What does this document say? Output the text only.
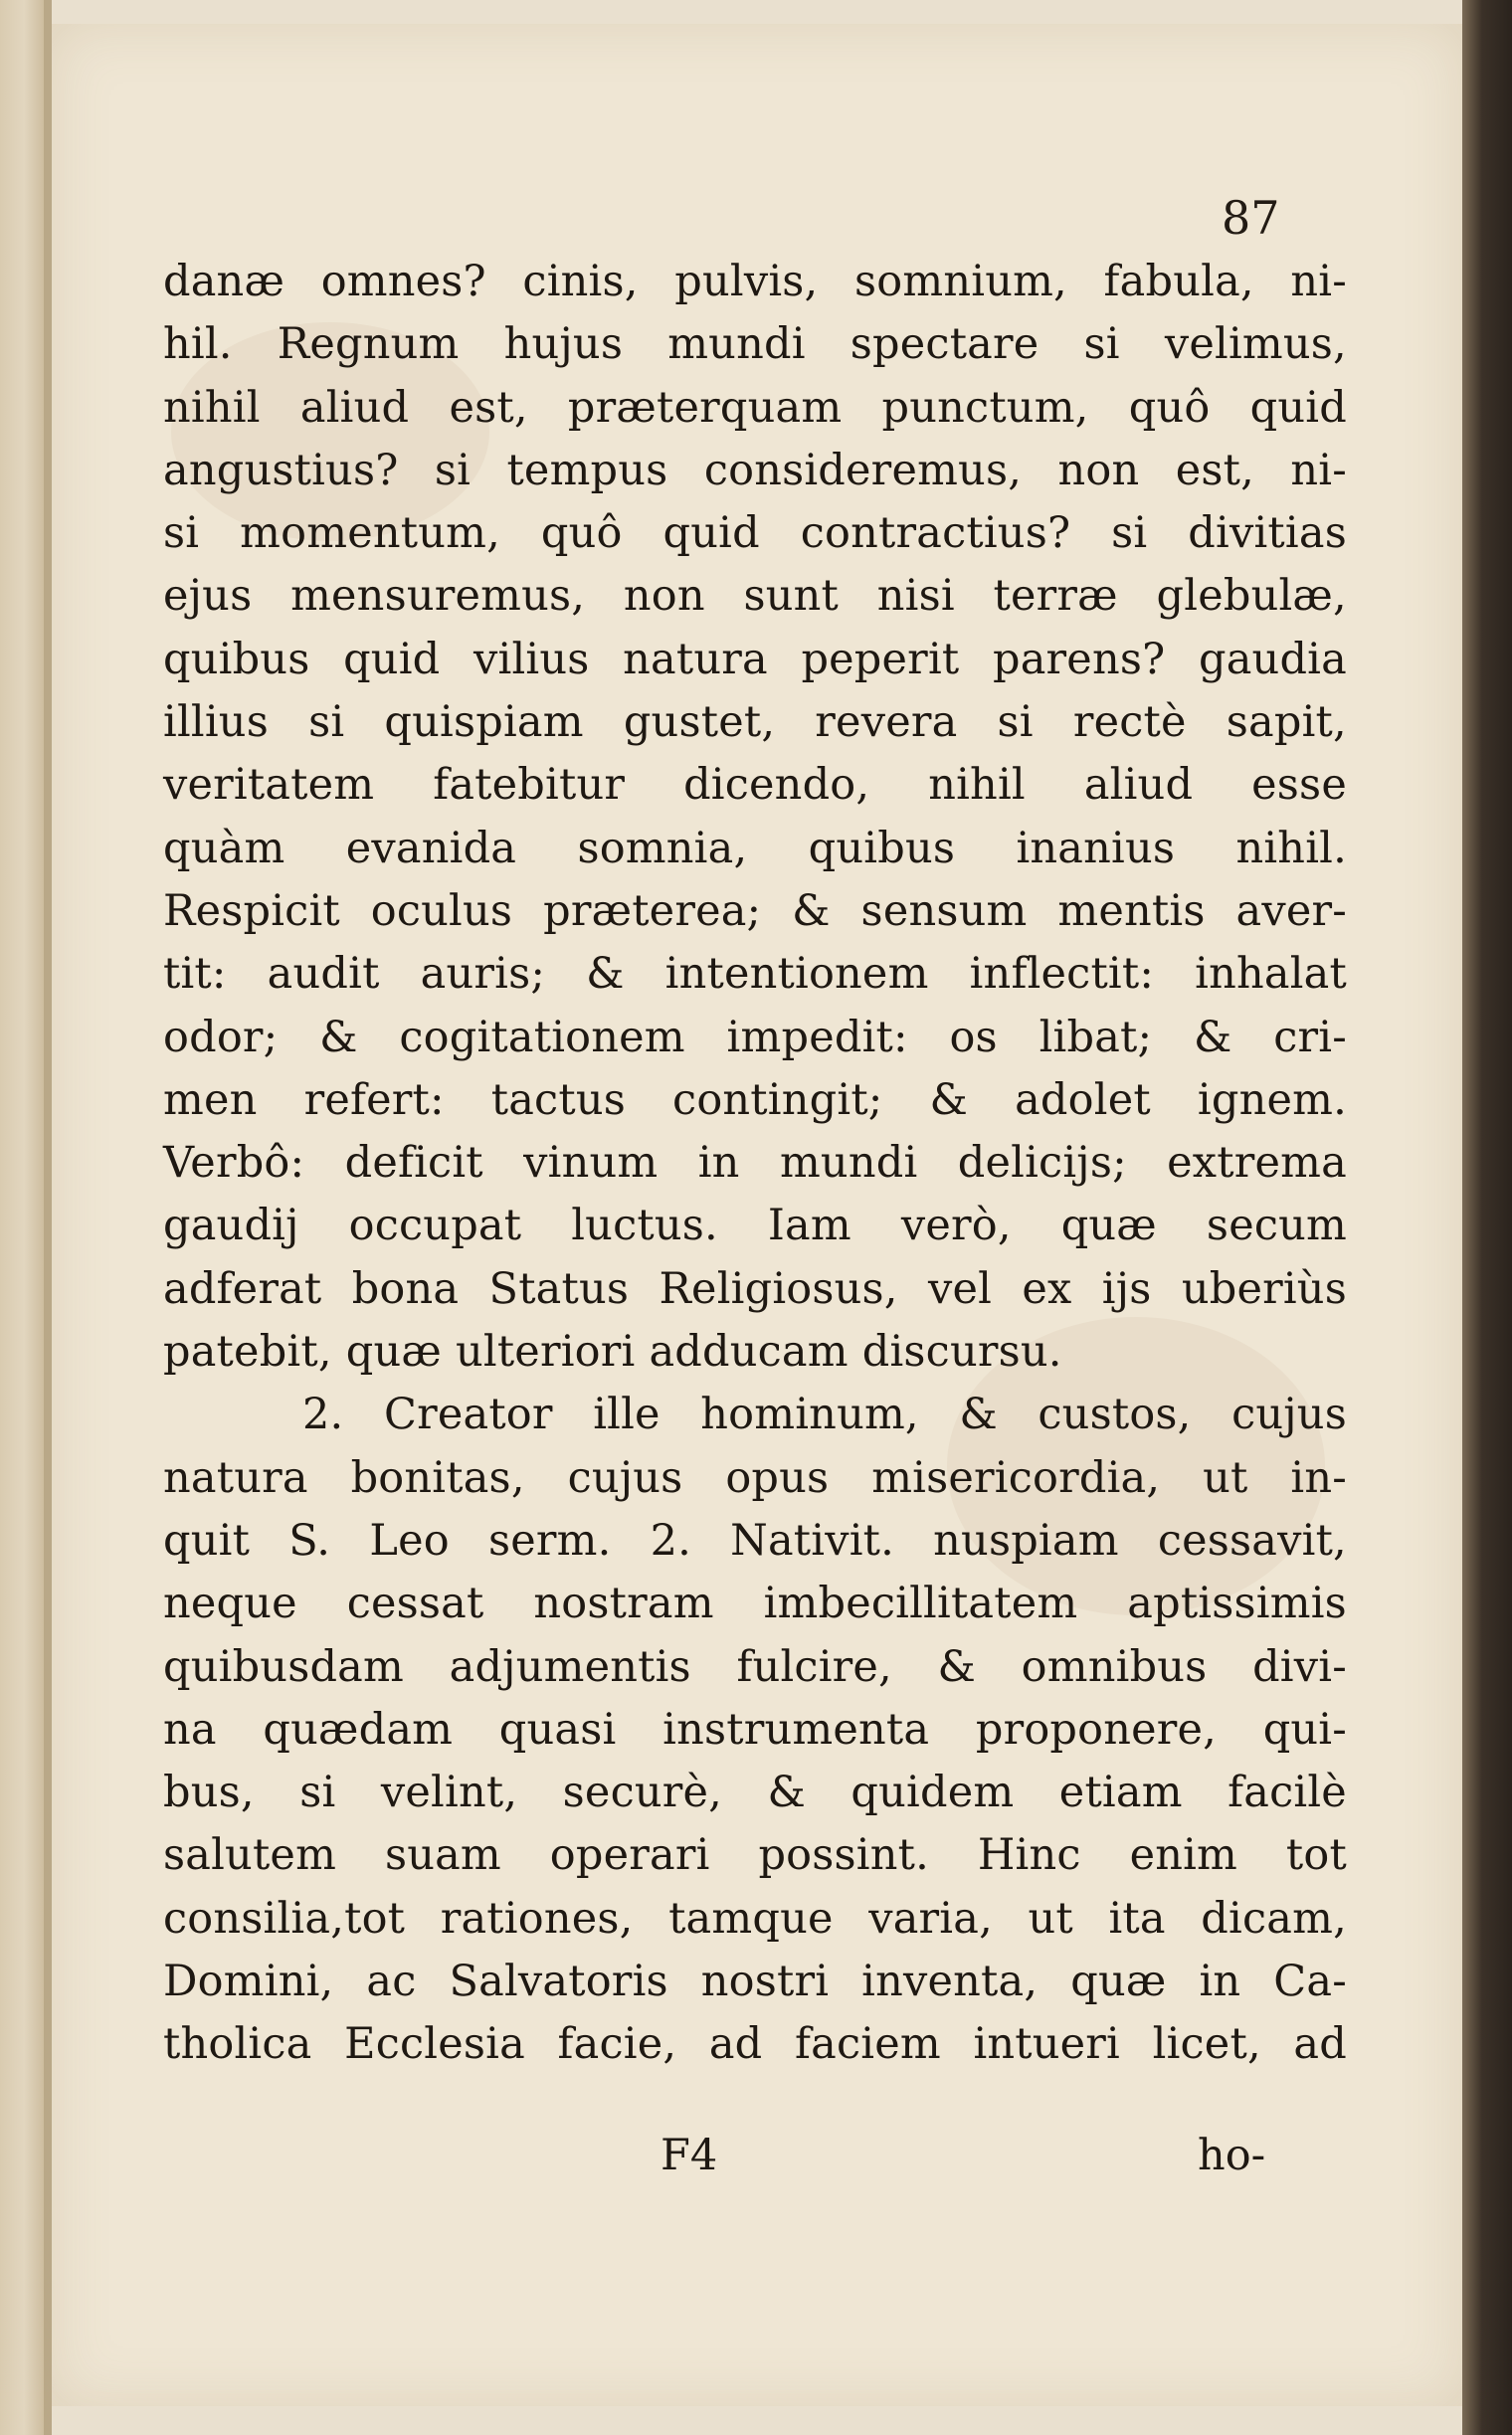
87

danæ omnes? cinis, pulvis, somnium, fabula, ni-
hil. Regnum hujus mundi spectare si velimus,
nihil aliud est, præterquam punctum, quô quid
angustius? si tempus consideremus, non est, ni-
si momentum, quô quid contractius? si divitias
ejus mensuremus, non sunt nisi terræ glebulæ,
quibus quid vilius natura peperit parens? gaudia
illius si quispiam gustet, revera si rectè sapit,
veritatem fatebitur dicendo, nihil aliud esse
quàm evanida somnia, quibus inanius nihil.
Respicit oculus præterea; & sensum mentis aver-
tit: audit auris; & intentionem inflectit: inhalat
odor; & cogitationem impedit: os libat; & cri-
men refert: tactus contingit; & adolet ignem.
Verbô: deficit vinum in mundi delicijs; extrema
gaudij occupat luctus. Iam verò, quæ secum
adferat bona Status Religiosus, vel ex ijs uberiùs
patebit, quæ ulteriori adducam discursu.
2. Creator ille hominum, & custos, cujus
natura bonitas, cujus opus misericordia, ut in-
quit S. Leo serm. 2. Nativit. nuspiam cessavit,
neque cessat nostram imbecillitatem aptissimis
quibusdam adjumentis fulcire, & omnibus divi-
na quædam quasi instrumenta proponere, qui-
bus, si velint, securè, & quidem etiam facilè
salutem suam operari possint. Hinc enim tot
consilia,tot rationes, tamque varia, ut ita dicam,
Domini, ac Salvatoris nostri inventa, quæ in Ca-
tholica Ecclesia facie, ad faciem intueri licet, ad
F4	ho-
